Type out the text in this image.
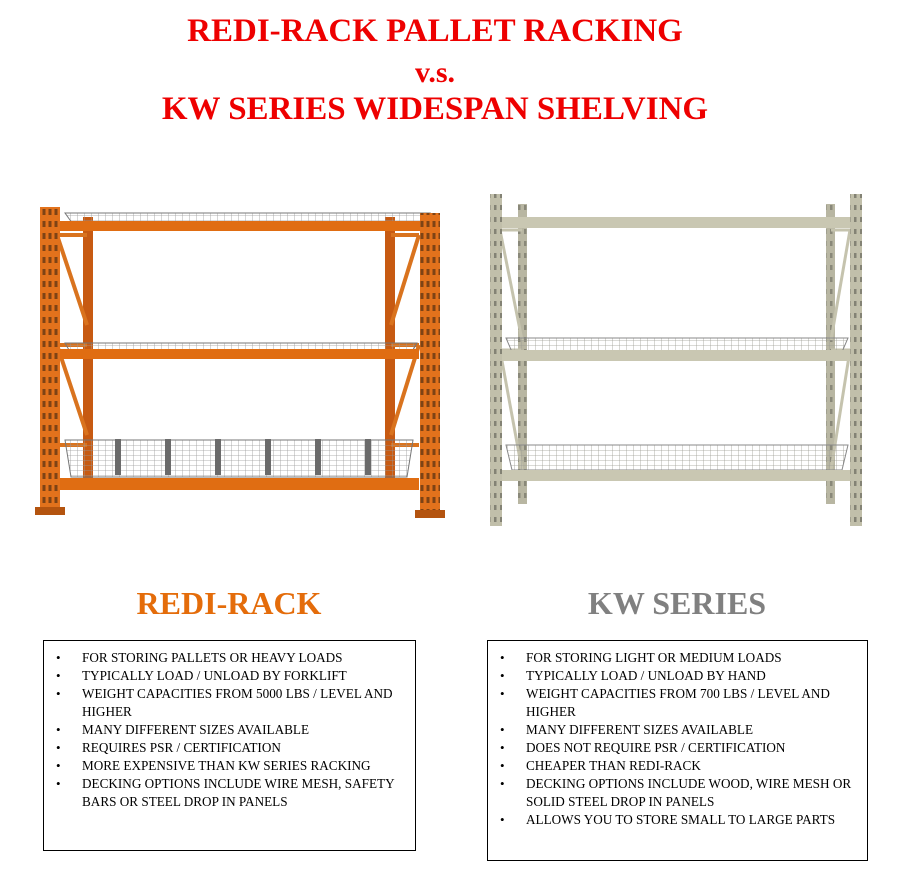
REDI-RACK PALLET RACKING
v.s.
KW SERIES WIDESPAN SHELVING
REDI-RACK	KW SERIES
• FOR STORING PALLETS OR HEAVY LOADS
• TYPICALLY LOAD / UNLOAD BY FORKLIFT
• WEIGHT CAPACITIES FROM 5000 LBS / LEVEL AND HIGHER
• MANY DIFFERENT SIZES AVAILABLE
• REQUIRES PSR / CERTIFICATION
• MORE EXPENSIVE THAN KW SERIES RACKING
• DECKING OPTIONS INCLUDE WIRE MESH, SAFETY BARS OR STEEL DROP IN PANELS
• FOR STORING LIGHT OR MEDIUM LOADS
• TYPICALLY LOAD / UNLOAD BY HAND
• WEIGHT CAPACITIES FROM 700 LBS / LEVEL AND HIGHER
• MANY DIFFERENT SIZES AVAILABLE
• DOES NOT REQUIRE PSR / CERTIFICATION
• CHEAPER THAN REDI-RACK
• DECKING OPTIONS INCLUDE WOOD, WIRE MESH OR SOLID STEEL DROP IN PANELS
• ALLOWS YOU TO STORE SMALL TO LARGE PARTS
